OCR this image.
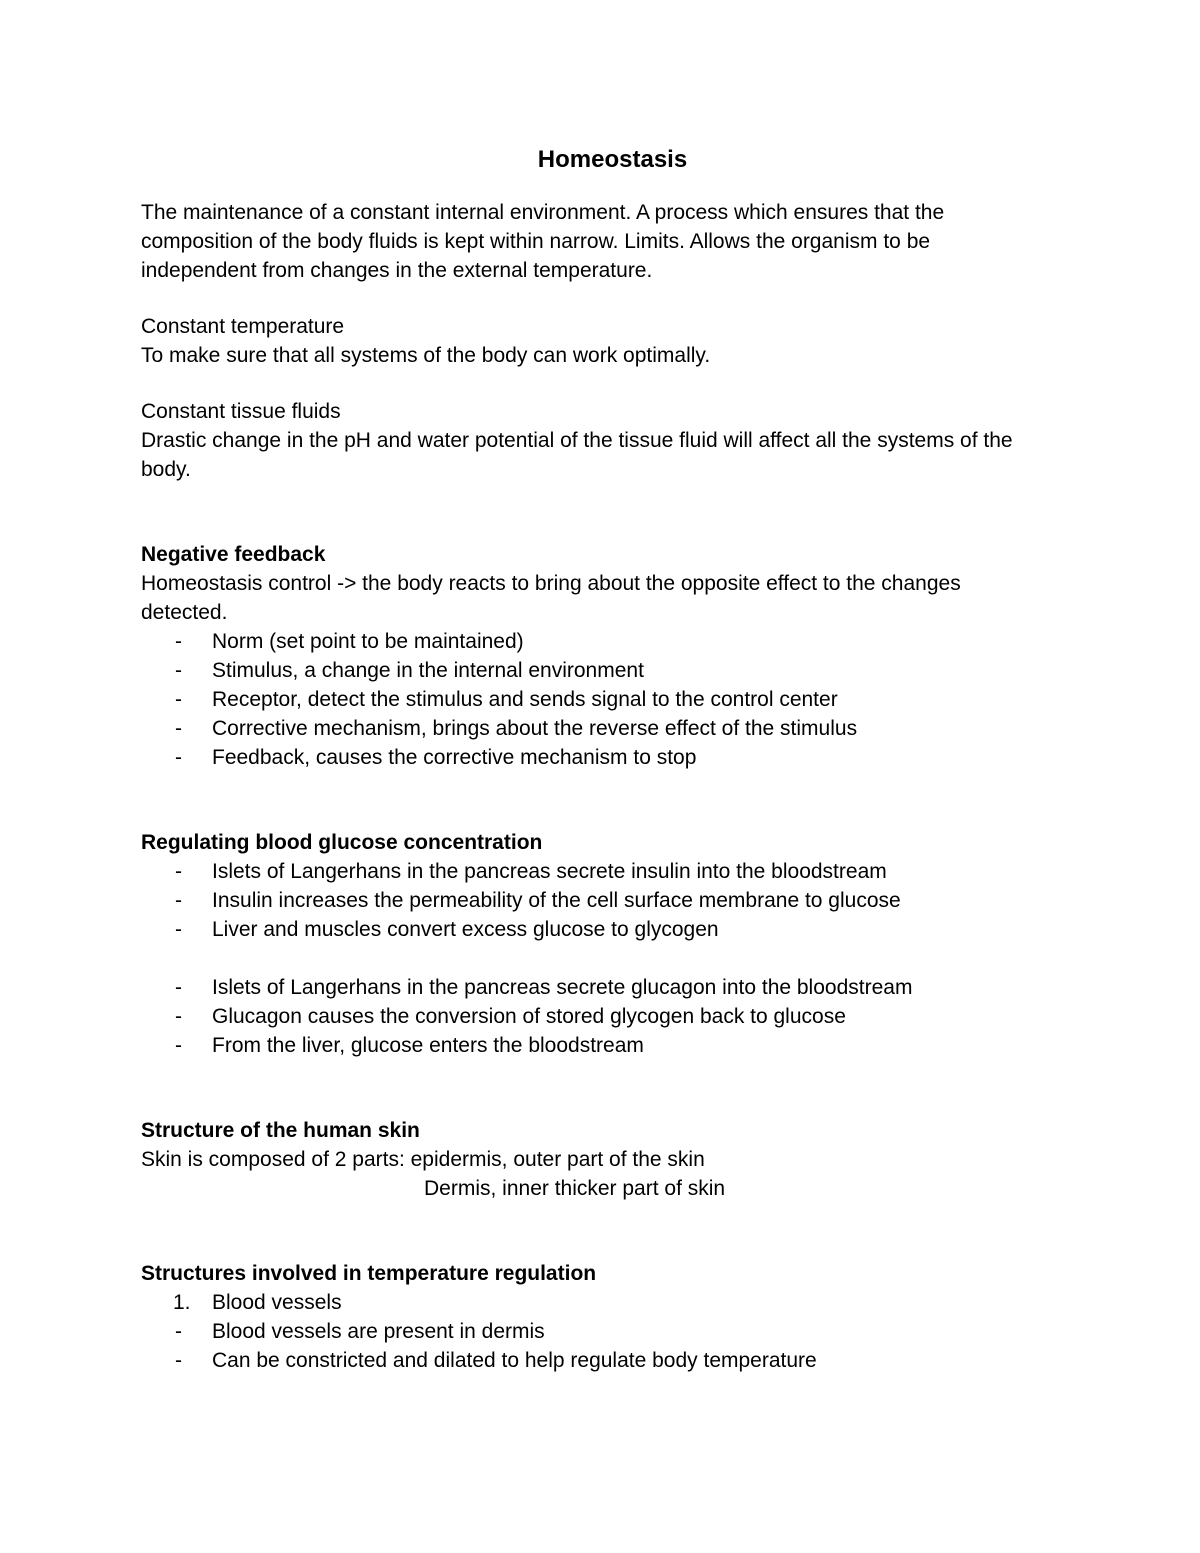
Homeostasis

The maintenance of a constant internal environment. A process which ensures that the

composition of the body fluids is kept within narrow. Limits. Allows the organism to be

independent from changes in the external temperature.

Constant temperature

To make sure that all systems of the body can work optimally.

Constant tissue fluids

Drastic change in the pH and water potential of the tissue fluid will affect all the systems of the

body.

Negative feedback

Homeostasis control -> the body reacts to bring about the opposite effect to the changes

detected.

- Norm (set point to be maintained)
- Stimulus, a change in the internal environment
- Receptor, detect the stimulus and sends signal to the control center
- Corrective mechanism, brings about the reverse effect of the stimulus
- Feedback, causes the corrective mechanism to stop

Regulating blood glucose concentration

- Islets of Langerhans in the pancreas secrete insulin into the bloodstream
- Insulin increases the permeability of the cell surface membrane to glucose
- Liver and muscles convert excess glucose to glycogen
- Islets of Langerhans in the pancreas secrete glucagon into the bloodstream
- Glucagon causes the conversion of stored glycogen back to glucose
- From the liver, glucose enters the bloodstream

Structure of the human skin

Skin is composed of 2 parts: epidermis, outer part of the skin

Dermis, inner thicker part of skin

Structures involved in temperature regulation

1. Blood vessels
- Blood vessels are present in dermis
- Can be constricted and dilated to help regulate body temperature
